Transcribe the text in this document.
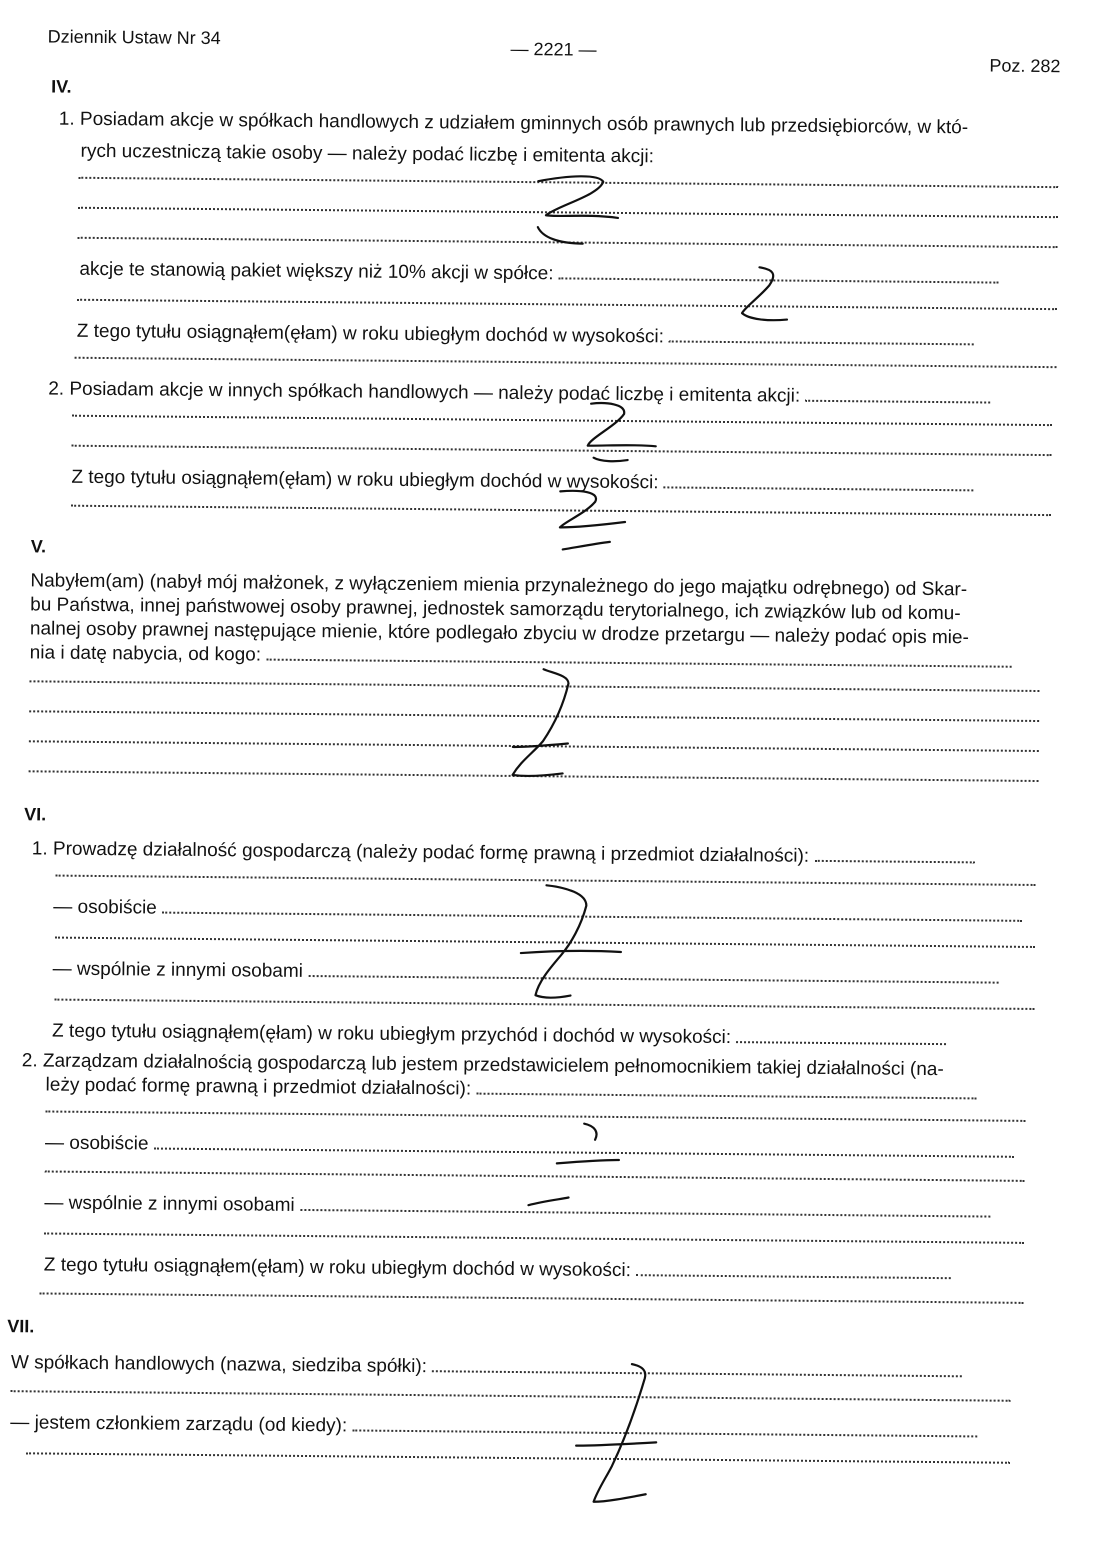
Dziennik Ustaw Nr 34
— 2221 —
Poz. 282
IV.
1. Posiadam akcje w spółkach handlowych z udziałem gminnych osób prawnych lub przedsiębiorców, w któ-
rych uczestniczą takie osoby — należy podać liczbę i emitenta akcji:
akcje te stanowią pakiet większy niż 10% akcji w spółce:
Z tego tytułu osiągnąłem(ęłam) w roku ubiegłym dochód w wysokości:
2. Posiadam akcje w innych spółkach handlowych — należy podać liczbę i emitenta akcji:
Z tego tytułu osiągnąłem(ęłam) w roku ubiegłym dochód w wysokości:
V.
Nabyłem(am) (nabył mój małżonek, z wyłączeniem mienia przynależnego do jego majątku odrębnego) od Skar-
bu Państwa, innej państwowej osoby prawnej, jednostek samorządu terytorialnego, ich związków lub od komu-
nalnej osoby prawnej następujące mienie, które podlegało zbyciu w drodze przetargu — należy podać opis mie-
nia i datę nabycia, od kogo:
VI.
1. Prowadzę działalność gospodarczą (należy podać formę prawną i przedmiot działalności):
— osobiście
— wspólnie z innymi osobami
Z tego tytułu osiągnąłem(ęłam) w roku ubiegłym przychód i dochód w wysokości:
2. Zarządzam działalnością gospodarczą lub jestem przedstawicielem pełnomocnikiem takiej działalności (na-
leży podać formę prawną i przedmiot działalności):
— osobiście
— wspólnie z innymi osobami
Z tego tytułu osiągnąłem(ęłam) w roku ubiegłym dochód w wysokości:
VII.
W spółkach handlowych (nazwa, siedziba spółki):
— jestem członkiem zarządu (od kiedy):
